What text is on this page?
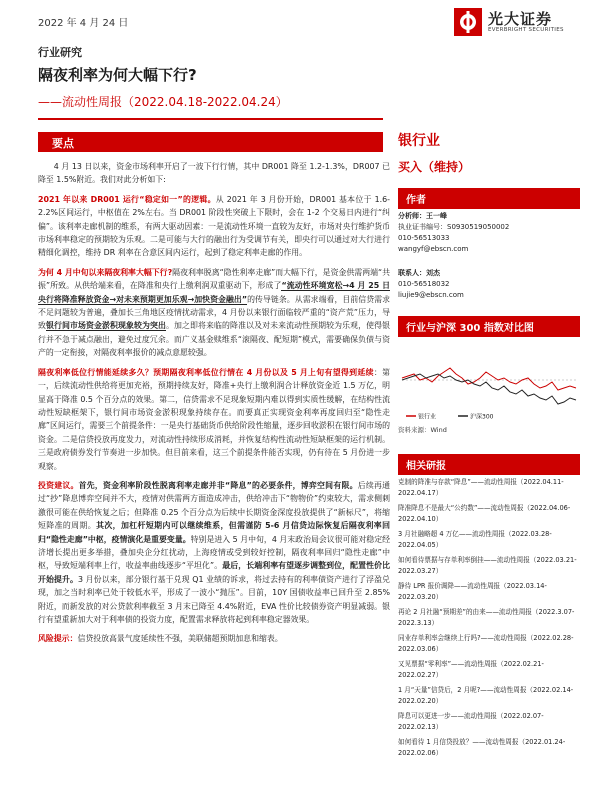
2022 年 4 月 24 日	光大证券
EVERBRIGHT SECURITIES
行业研究
隔夜利率为何大幅下行?
——流动性周报（2022.04.18-2022.04.24）
要点

4 月 13 日以来，资金市场利率开启了一波下行行情，其中 DR001 降至 1.2-1.3%，DR007 已降至 1.5%附近。我们对此分析如下:

2021 年以来 DR001 运行“稳定如一”的逻辑。从 2021 年 3 月份开始，DR001 基本位于 1.6-2.2%区间运行，中枢值在 2%左右。当 DR001 阶段性突破上下限时，会在 1-2 个交易日内进行“纠偏”。该利率走廊机制的维系，有两大驱动因素：一是流动性环境一直较为友好，市场对央行维护货币市场利率稳定的预期较为乐观。二是可能与大行的融出行为受调节有关，即央行可以通过对大行进行精细化调控，维持 DR 利率在合意区间内运行，起到了稳定利率走廊的作用。

为何 4 月中旬以来隔夜利率大幅下行?隔夜利率脱离“隐性利率走廊”而大幅下行，是资金供需两端“共振”所致。从供给端来看，在降准和央行上缴利润双重驱动下，形成了“流动性环境宽松→4 月 25 日央行将降准释放资金→对未来预期更加乐观→加快资金融出”的传导链条。从需求端看，目前信贷需求不足问题较为普遍，叠加长三角地区疫情扰动需求，4 月份以来银行面临较严重的“资产荒”压力，导致银行间市场资金淤积现象较为突出。加之即将来临的降准以及对未来流动性预期较为乐观，使得银行并不急于减点融出，避免过度冗余。而广义基金赎维系“滚隔夜、配短期”模式，需要确保负债与资产的一定衔接，对隔夜利率报价的减点意愿较强。

隔夜利率低位行情能延续多久？预期隔夜利率低位行情在 4 月份以及 5 月上旬有望得到延续：第一，后续流动性供给将更加充裕，预期持续友好，降准+央行上缴利润合计释放资金近 1.5 万亿，明显高于降准 0.5 个百分点的效果。第二，信贷需求不足现象短期内难以得到实质性缓解，在结构性流动性短缺框架下，银行间市场资金淤积现象持续存在。而要真正实现资金利率再度回归至“隐性走廊”区间运行，需要三个前提条件：一是央行基础货币供给阶段性缩量，逐步回收淤积在银行间市场的资金。二是信贷投放再度发力，对流动性持续形成消耗，并恢复结构性流动性短缺框架的运行机制。三是政府债券发行节奏进一步加快。但目前来看，这三个前提条件能否实现，仍有待在 5 月份进一步观察。

投资建议。首先，资金利率阶段性脱离利率走廊并非“降息”的必要条件，博弈空间有限。后续再通过“抄”降息博弈空间并不大，疫情对供需两方面造成冲击，供给冲击下“物物价”约束较大，需求侧刺激很可能在供给恢复之后；但降准 0.25 个百分点为后续中长期资金深度投放提供了“新标尺”，将缩短降准的周期。其次，加杠杆短期内可以继续维系，但需谨防 5-6 月信贷边际恢复后隔夜利率回归“隐性走廊”中枢，疫情演化是重要变量。特别是进入 5 月中旬，4 月末政治局会议很可能对稳定经济增长提出更多举措，叠加央企分红扰动，上海疫情或受到较好控制，隔夜利率回归“隐性走廊”中枢，导致短端利率上行，收益率曲线逐步“平坦化”。最后，长端利率有望逐步调整到位，配置性价比开始提升。3 月份以来，部分银行基于兑现 Q1 业绩的诉求，将过去持有的利率债资产进行了浮盈兑现，加之当时利率已处于较低水平，形成了一波小“抛压”。目前，10Y 国债收益率已回升至 2.85%附近，而新发放的对公贷款利率截至 3 月末已降至 4.4%附近，EVA 性价比较债券资产明显减弱。银行有望重新加大对于利率债的投资力度，配置需求释放将起到利率稳定器效果。

风险提示：信贷投放高景气度延续性不强，美联储超预期加息和缩表。

银行业
买入（维持）
作者
分析师：王一峰
执业证书编号：S0930519050002
010-56513033
wangyf@ebscn.com
联系人：刘杰
010-56518032
liujie9@ebscn.com
行业与沪深 300 指数对比图
银行业	沪深300
资料来源：Wind
相关研报
克制的降准与存款“降息”——流动性周报（2022.04.11-2022.04.17）
降准降息不是最大“公约数”——流动性周报（2022.04.06-2022.04.10）
3 月社融略超 4 万亿——流动性周报（2022.03.28-2022.04.05）
如何看待票据与存单利率倒挂——流动性周报（2022.03.21-2022.03.27）
静待 LPR 报价调降——流动性周报（2022.03.14-2022.03.20）
再论 2 月社融“预期差”的由来——流动性周报（2022.3.07-2022.3.13）
同业存单利率会继续上行吗?——流动性周报（2022.02.28-2022.03.06）
又见票据“零利率”——流动性周报（2022.02.21-2022.02.27）
1 月“天量”信贷后，2 月呢?——流动性周报（2022.02.14-2022.02.20）
降息可以更进一步——流动性周报（2022.02.07-2022.02.13）
如何看待 1 月信贷投放？——流动性周报（2022.01.24-2022.02.06）
